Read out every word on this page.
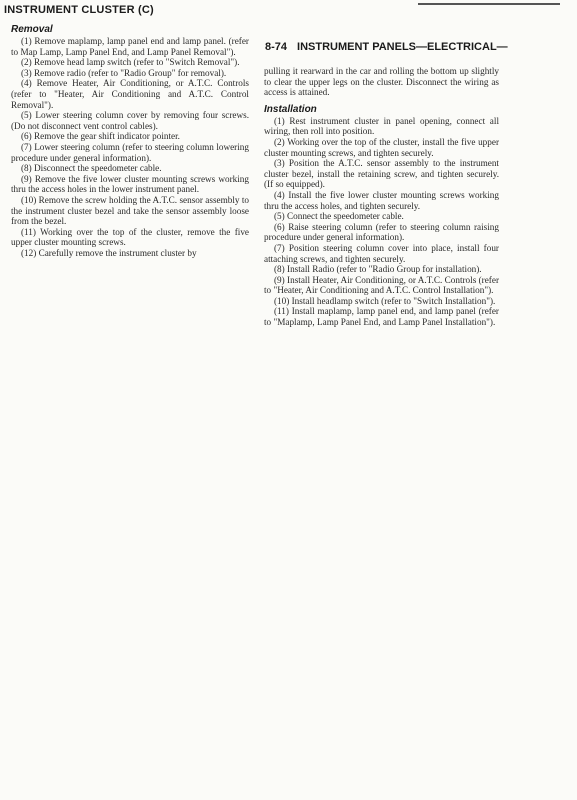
INSTRUMENT CLUSTER (C)
8-74 INSTRUMENT PANELS—ELECTRICAL—
Removal

(1) Remove maplamp, lamp panel end and lamp panel. (refer to Map Lamp, Lamp Panel End, and Lamp Panel Removal").

(2) Remove head lamp switch (refer to "Switch Removal").

(3) Remove radio (refer to "Radio Group" for removal).

(4) Remove Heater, Air Conditioning, or A.T.C. Controls (refer to "Heater, Air Conditioning and A.T.C. Control Removal").

(5) Lower steering column cover by removing four screws. (Do not disconnect vent control cables).

(6) Remove the gear shift indicator pointer.

(7) Lower steering column (refer to steering column lowering procedure under general information).

(8) Disconnect the speedometer cable.

(9) Remove the five lower cluster mounting screws working thru the access holes in the lower instrument panel.

(10) Remove the screw holding the A.T.C. sensor assembly to the instrument cluster bezel and take the sensor assembly loose from the bezel.

(11) Working over the top of the cluster, remove the five upper cluster mounting screws.

(12) Carefully remove the instrument cluster by

pulling it rearward in the car and rolling the bottom up slightly to clear the upper legs on the cluster. Disconnect the wiring as access is attained.

Installation

(1) Rest instrument cluster in panel opening, connect all wiring, then roll into position.

(2) Working over the top of the cluster, install the five upper cluster mounting screws, and tighten securely.

(3) Position the A.T.C. sensor assembly to the instrument cluster bezel, install the retaining screw, and tighten securely. (If so equipped).

(4) Install the five lower cluster mounting screws working thru the access holes, and tighten securely.

(5) Connect the speedometer cable.

(6) Raise steering column (refer to steering column raising procedure under general information).

(7) Position steering column cover into place, install four attaching screws, and tighten securely.

(8) Install Radio (refer to "Radio Group for installation).

(9) Install Heater, Air Conditioning, or A.T.C. Controls (refer to "Heater, Air Conditioning and A.T.C. Control Installation").

(10) Install headlamp switch (refer to "Switch Installation").

(11) Install maplamp, lamp panel end, and lamp panel (refer to "Maplamp, Lamp Panel End, and Lamp Panel Installation").
